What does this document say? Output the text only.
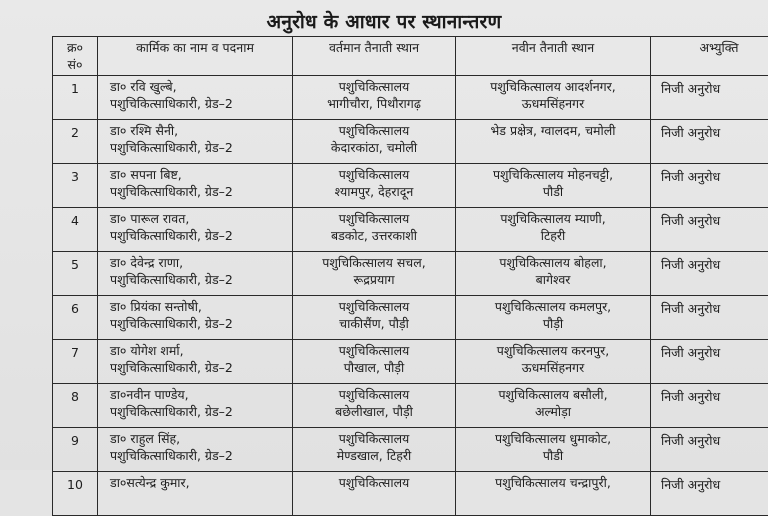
अनुरोध के आधार पर स्थानान्तरण
क्र०
सं०	कार्मिक का नाम व पदनाम	वर्तमान तैनाती स्थान	नवीन तैनाती स्थान	अभ्युक्ति

1	डा० रवि खुल्बे,
पशुचिकित्साधिकारी, ग्रेड–2	पशुचिकित्सालय
भागीचौरा, पिथौरागढ़	पशुचिकित्सालय आदर्शनगर,
ऊधमसिंहनगर	निजी अनुरोध

2	डा० रश्मि सैनी,
पशुचिकित्साधिकारी, ग्रेड–2	पशुचिकित्सालय
केदारकांठा, चमोली	भेड प्रक्षेत्र, ग्वालदम, चमोली	निजी अनुरोध

3	डा० सपना बिष्ट,
पशुचिकित्साधिकारी, ग्रेड–2	पशुचिकित्सालय
श्यामपुर, देहरादून	पशुचिकित्सालय मोहनचट्टी,
पौडी	निजी अनुरोध

4	डा० पारूल रावत,
पशुचिकित्साधिकारी, ग्रेड–2	पशुचिकित्सालय
बडकोट, उत्तरकाशी	पशुचिकित्सालय म्याणी,
टिहरी	निजी अनुरोध

5	डा० देवेन्द्र राणा,
पशुचिकित्साधिकारी, ग्रेड–2	पशुचिकित्सालय सचल,
रूद्रप्रयाग	पशुचिकित्सालय बोहला,
बागेश्वर	निजी अनुरोध

6	डा० प्रियंका सन्तोषी,
पशुचिकित्साधिकारी, ग्रेड–2	पशुचिकित्सालय
चाकीसैंण, पौड़ी	पशुचिकित्सालय कमलपुर,
पौड़ी	निजी अनुरोध

7	डा० योगेश शर्मा,
पशुचिकित्साधिकारी, ग्रेड–2	पशुचिकित्सालय
पौखाल, पौड़ी	पशुचिकित्सालय करनपुर,
ऊधमसिंहनगर	निजी अनुरोध

8	डा०नवीन पाण्डेय,
पशुचिकित्साधिकारी, ग्रेड–2	पशुचिकित्सालय
बछेलीखाल, पौड़ी	पशुचिकित्सालय बसौली,
अल्मोड़ा	निजी अनुरोध

9	डा० राहुल सिंह,
पशुचिकित्साधिकारी, ग्रेड–2	पशुचिकित्सालय
मेण्डखाल, टिहरी	पशुचिकित्सालय धुमाकोट,
पौडी	निजी अनुरोध

10	डा०सत्येन्द्र कुमार,	पशुचिकित्सालय	पशुचिकित्सालय चन्द्रापुरी,	निजी अनुरोध
